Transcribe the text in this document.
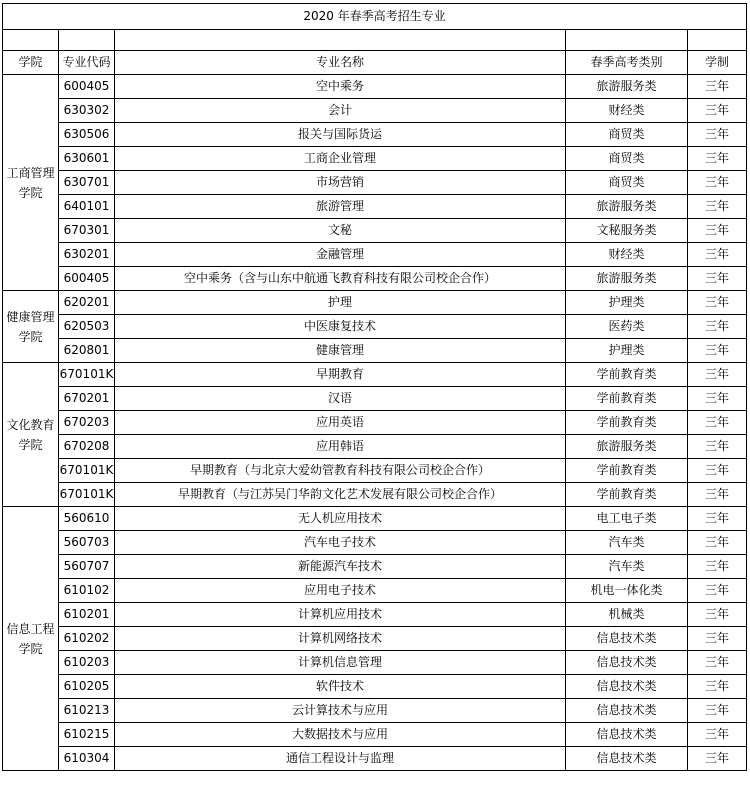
2020 年春季高考招生专业				

学院	专业代码	专业名称	春季高考类别	学制
工商管理学院	600405	空中乘务	旅游服务类	三年
	630302	会计	财经类	三年
	630506	报关与国际货运	商贸类	三年
	630601	工商企业管理	商贸类	三年
	630701	市场营销	商贸类	三年
	640101	旅游管理	旅游服务类	三年
	670301	文秘	文秘服务类	三年
	630201	金融管理	财经类	三年
	600405	空中乘务（含与山东中航通飞教育科技有限公司校企合作）	旅游服务类	三年
健康管理学院	620201	护理	护理类	三年
	620503	中医康复技术	医药类	三年
	620801	健康管理	护理类	三年
文化教育学院	670101K	早期教育	学前教育类	三年
	670201	汉语	学前教育类	三年
	670203	应用英语	学前教育类	三年
	670208	应用韩语	旅游服务类	三年
	670101K	早期教育（与北京大爱幼管教育科技有限公司校企合作）	学前教育类	三年
	670101K	早期教育（与江苏吴门华韵文化艺术发展有限公司校企合作）	学前教育类	三年
信息工程学院	560610	无人机应用技术	电工电子类	三年
	560703	汽车电子技术	汽车类	三年
	560707	新能源汽车技术	汽车类	三年
	610102	应用电子技术	机电一体化类	三年
	610201	计算机应用技术	机械类	三年
	610202	计算机网络技术	信息技术类	三年
	610203	计算机信息管理	信息技术类	三年
	610205	软件技术	信息技术类	三年
	610213	云计算技术与应用	信息技术类	三年
	610215	大数据技术与应用	信息技术类	三年
	610304	通信工程设计与监理	信息技术类	三年
